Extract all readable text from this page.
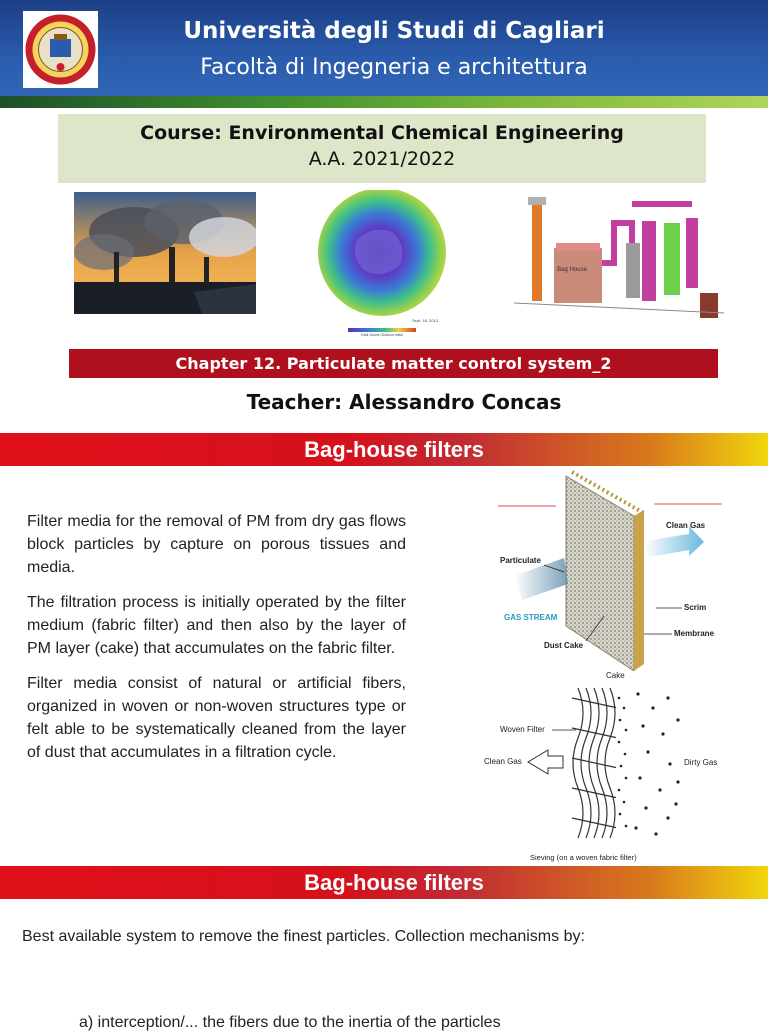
Università degli Studi di Cagliari
Facoltà di Ingegneria e architettura
Course: Environmental Chemical Engineering
A.A. 2021/2022
Sept. 16, 2013
Total Ozone (Dobson units)
Bag House
Chapter 12. Particulate matter control system_2
Teacher: Alessandro Concas
Bag-house filters

Filter media for the removal of PM from dry gas flows block particles by capture on porous tissues and media.

The filtration process is initially operated by the filter medium (fabric filter) and then also by the layer of PM layer (cake) that accumulates on the fabric filter.

Filter media consist of natural or artificial fibers, organized in woven or non-woven structures type or felt able to be systematically cleaned from the layer of dust that accumulates in a filtration cycle.

Clean Gas
Particulate
GAS STREAM
Scrim
Membrane
Dust Cake
Cake
Woven Filter
Clean Gas	Dirty Gas
Sieving (on a woven fabric filter)
Bag-house filters
Best available system to remove the finest particles. Collection mechanisms by:
a) interception/... the fibers due to the inertia of the particles
